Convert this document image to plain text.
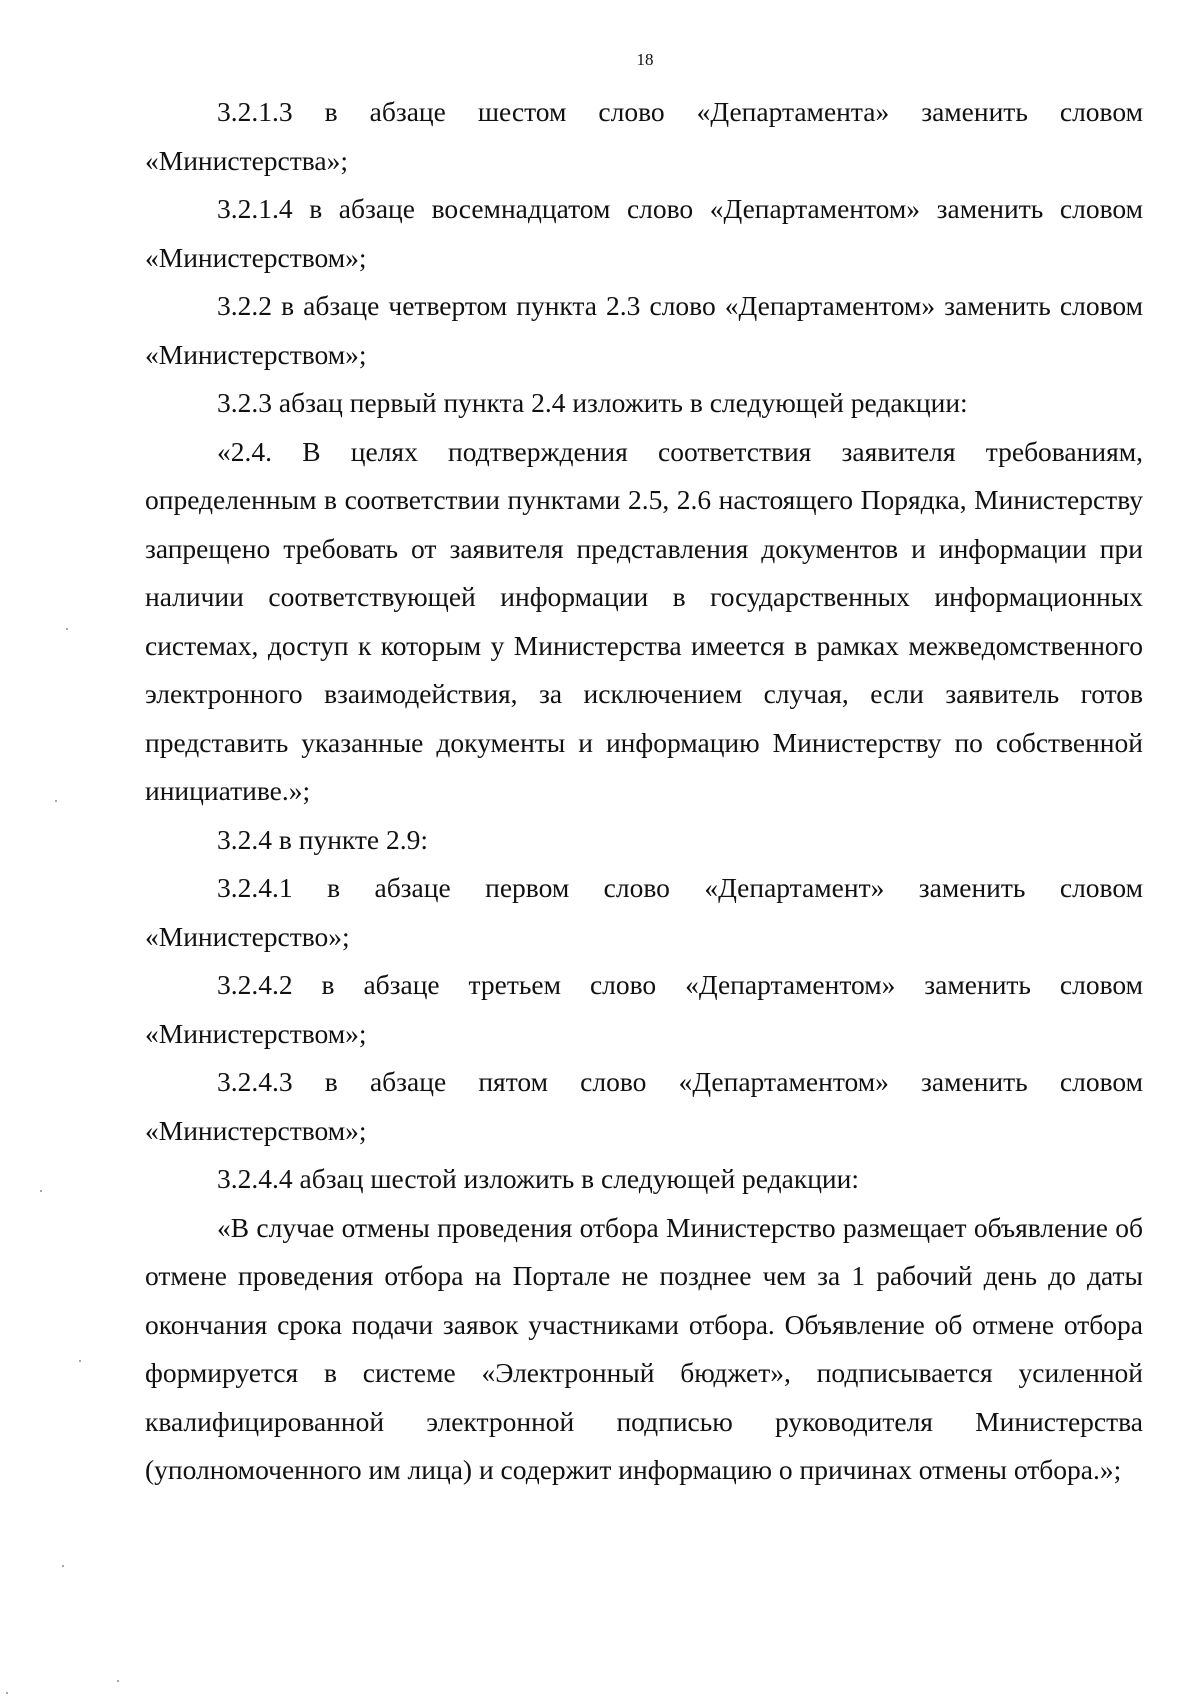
18

3.2.1.3 в абзаце шестом слово «Департамента» заменить словом «Министерства»;

3.2.1.4 в абзаце восемнадцатом слово «Департаментом» заменить словом «Министерством»;

3.2.2 в абзаце четвертом пункта 2.3 слово «Департаментом» заменить словом «Министерством»;

3.2.3 абзац первый пункта 2.4 изложить в следующей редакции:

«2.4. В целях подтверждения соответствия заявителя требованиям, определенным в соответствии пунктами 2.5, 2.6 настоящего Порядка, Министерству запрещено требовать от заявителя представления документов и информации при наличии соответствующей информации в государственных информационных системах, доступ к которым у Министерства имеется в рамках межведомственного электронного взаимодействия, за исключением случая, если заявитель готов представить указанные документы и информацию Министерству по собственной инициативе.»;

3.2.4 в пункте 2.9:

3.2.4.1 в абзаце первом слово «Департамент» заменить словом «Министерство»;

3.2.4.2 в абзаце третьем слово «Департаментом» заменить словом «Министерством»;

3.2.4.3 в абзаце пятом слово «Департаментом» заменить словом «Министерством»;

3.2.4.4 абзац шестой изложить в следующей редакции:

«В случае отмены проведения отбора Министерство размещает объявление об отмене проведения отбора на Портале не позднее чем за 1 рабочий день до даты окончания срока подачи заявок участниками отбора. Объявление об отмене отбора формируется в системе «Электронный бюджет», подписывается усиленной квалифицированной электронной подписью руководителя Министерства (уполномоченного им лица) и содержит информацию о причинах отмены отбора.»;
